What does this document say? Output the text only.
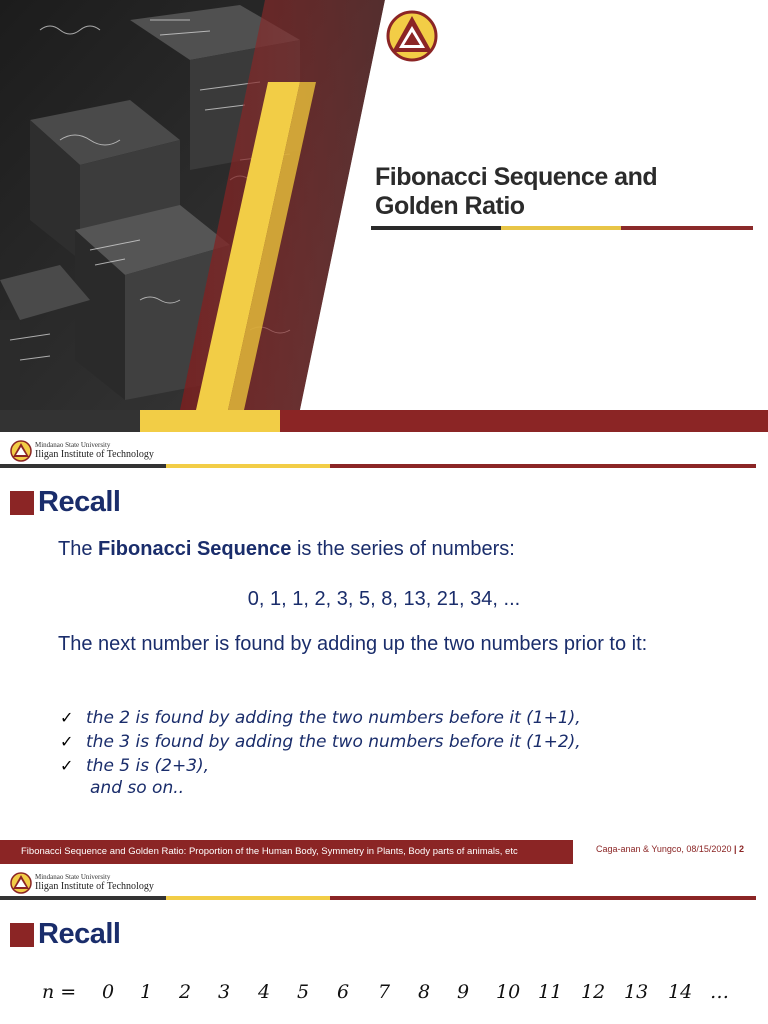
Fibonacci Sequence and
Golden Ratio
Mindanao State University
Iligan Institute of Technology
Recall
The Fibonacci Sequence is the series of numbers:
0, 1, 1, 2, 3, 5, 8, 13, 21, 34, ...
The next number is found by adding up the two numbers prior to it:
✓ the 2 is found by adding the two numbers before it (1+1),
✓ the 3 is found by adding the two numbers before it (1+2),
✓ the 5 is (2+3),
and so on..
Fibonacci Sequence and Golden Ratio: Proportion of the Human Body, Symmetry in Plants, Body parts of animals, etc	Caga-anan & Yungco, 08/15/2020 | 2
Mindanao State University
Iligan Institute of Technology
Recall
n = 0 1 2 3 4 5 6 7 8 9 10 11 12 13 14 …
